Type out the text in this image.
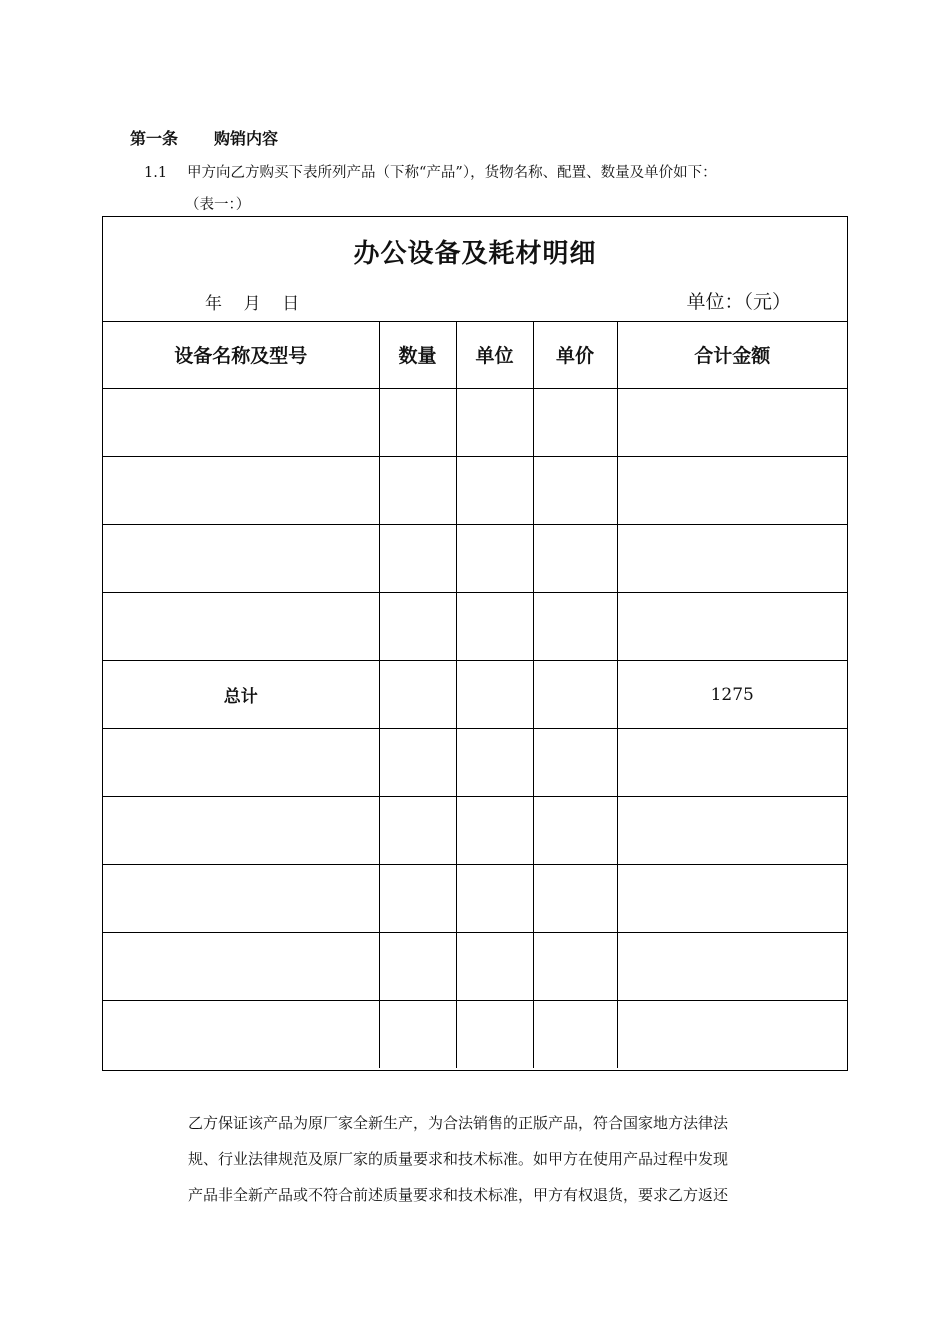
第一条 购销内容
1.1 甲方向乙方购买下表所列产品（下称“产品”），货物名称、配置、数量及单价如下：
（表一：）
办公设备及耗材明细
年    月    日	单位：（元）
设备名称及型号	数量	单位	单价	合计金额

总计				1275

乙方保证该产品为原厂家全新生产，为合法销售的正版产品，符合国家地方法律法
规、行业法律规范及原厂家的质量要求和技术标准。如甲方在使用产品过程中发现
产品非全新产品或不符合前述质量要求和技术标准，甲方有权退货，要求乙方返还
